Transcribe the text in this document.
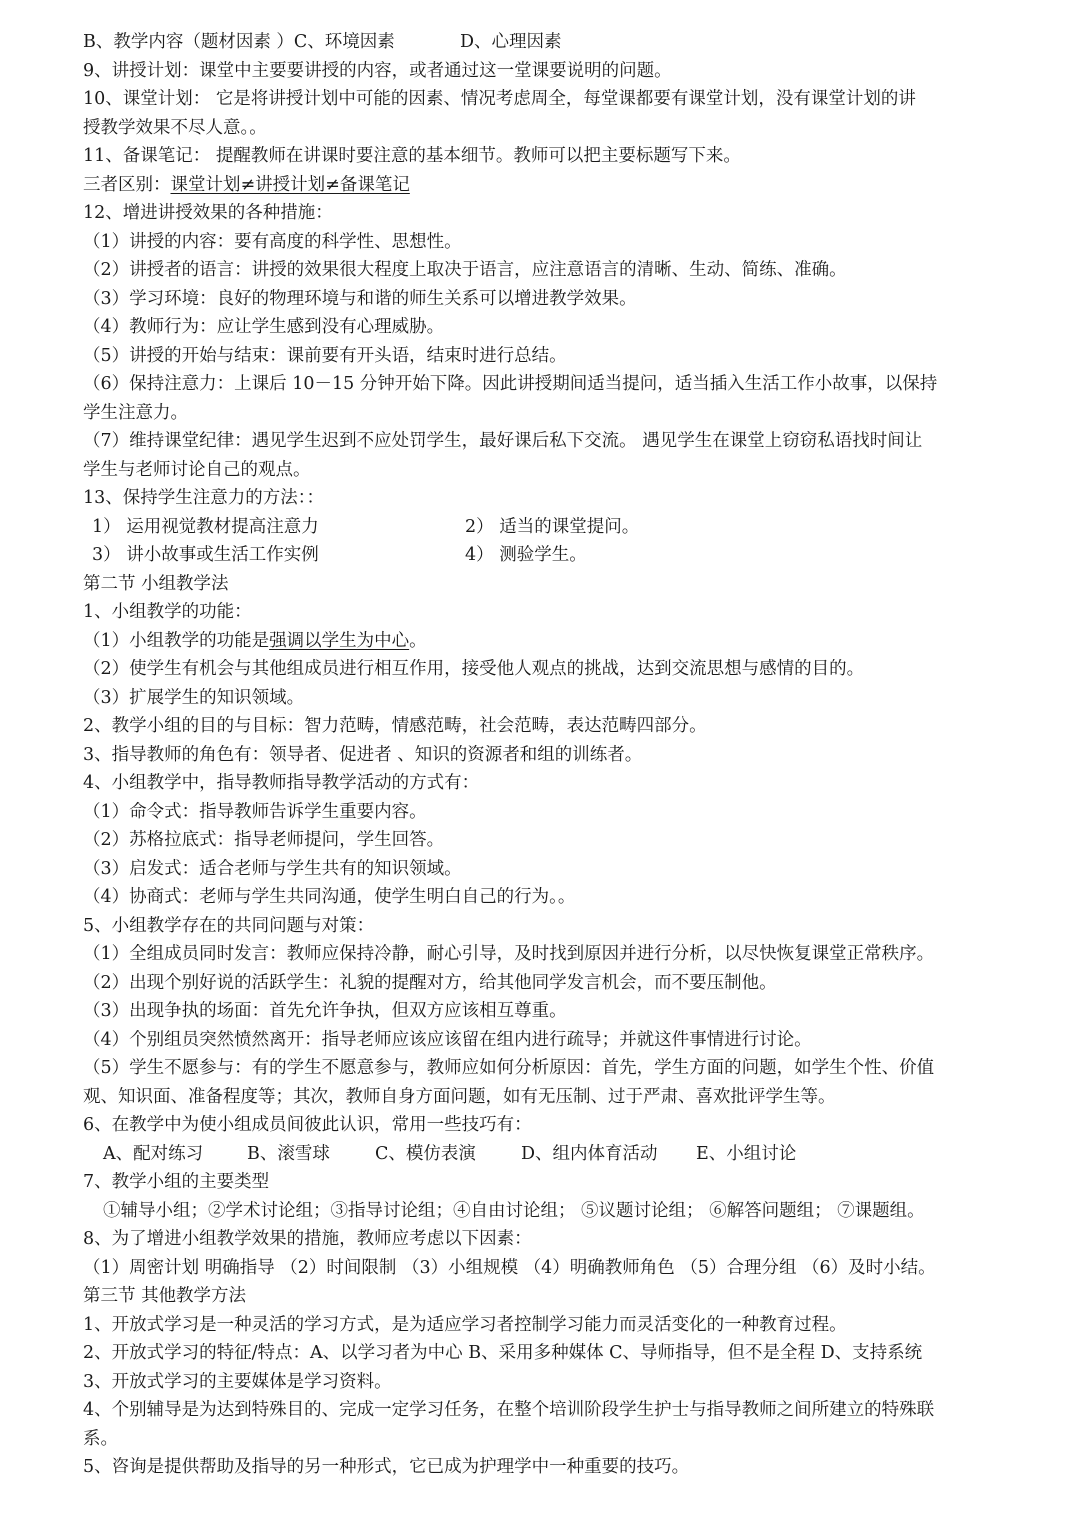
B、教学内容（题材因素 ）C、环境因素	D、心理因素
9、讲授计划：课堂中主要要讲授的内容，或者通过这一堂课要说明的问题。
10、课堂计划： 它是将讲授计划中可能的因素、情况考虑周全，每堂课都要有课堂计划，没有课堂计划的讲
授教学效果不尽人意。。
11、备课笔记： 提醒教师在讲课时要注意的基本细节。教师可以把主要标题写下来。
三者区别：课堂计划≠讲授计划≠备课笔记
12、增进讲授效果的各种措施：
（1）讲授的内容：要有高度的科学性、思想性。
（2）讲授者的语言：讲授的效果很大程度上取决于语言，应注意语言的清晰、生动、简练、准确。
（3）学习环境：良好的物理环境与和谐的师生关系可以增进教学效果。
（4）教师行为：应让学生感到没有心理威胁。
（5）讲授的开始与结束：课前要有开头语，结束时进行总结。
（6）保持注意力：上课后 10－15 分钟开始下降。因此讲授期间适当提问，适当插入生活工作小故事，以保持
学生注意力。
（7）维持课堂纪律：遇见学生迟到不应处罚学生，最好课后私下交流。 遇见学生在课堂上窃窃私语找时间让
学生与老师讨论自己的观点。
13、保持学生注意力的方法：：
1） 运用视觉教材提高注意力	2） 适当的课堂提问。
3） 讲小故事或生活工作实例	4） 测验学生。
第二节 小组教学法
1、小组教学的功能：
（1）小组教学的功能是强调以学生为中心。
（2）使学生有机会与其他组成员进行相互作用，接受他人观点的挑战，达到交流思想与感情的目的。
（3）扩展学生的知识领域。
2、教学小组的目的与目标：智力范畴，情感范畴，社会范畴，表达范畴四部分。
3、指导教师的角色有：领导者、促进者 、知识的资源者和组的训练者。
4、小组教学中，指导教师指导教学活动的方式有：
（1）命令式：指导教师告诉学生重要内容。
（2）苏格拉底式：指导老师提问，学生回答。
（3）启发式：适合老师与学生共有的知识领域。
（4）协商式：老师与学生共同沟通，使学生明白自己的行为。。
5、小组教学存在的共同问题与对策：
（1）全组成员同时发言：教师应保持冷静，耐心引导，及时找到原因并进行分析，以尽快恢复课堂正常秩序。
（2）出现个别好说的活跃学生：礼貌的提醒对方，给其他同学发言机会，而不要压制他。
（3）出现争执的场面：首先允许争执，但双方应该相互尊重。
（4）个别组员突然愤然离开：指导老师应该应该留在组内进行疏导；并就这件事情进行讨论。
（5）学生不愿参与：有的学生不愿意参与，教师应如何分析原因：首先，学生方面的问题，如学生个性、价值
观、知识面、准备程度等；其次，教师自身方面问题，如有无压制、过于严肃、喜欢批评学生等。
6、在教学中为使小组成员间彼此认识，常用一些技巧有：
A、配对练习	B、滚雪球	C、模仿表演	D、组内体育活动 E、小组讨论
7、教学小组的主要类型
①辅导小组；②学术讨论组；③指导讨论组；④自由讨论组； ⑤议题讨论组； ⑥解答问题组； ⑦课题组。
8、为了增进小组教学效果的措施，教师应考虑以下因素：
（1）周密计划 明确指导 （2）时间限制 （3）小组规模 （4）明确教师角色 （5）合理分组 （6）及时小结。
第三节 其他教学方法
1、开放式学习是一种灵活的学习方式，是为适应学习者控制学习能力而灵活变化的一种教育过程。
2、开放式学习的特征/特点：A、以学习者为中心 B、采用多种媒体 C、导师指导，但不是全程 D、支持系统
3、开放式学习的主要媒体是学习资料。
4、个别辅导是为达到特殊目的、完成一定学习任务，在整个培训阶段学生护士与指导教师之间所建立的特殊联
系。
5、咨询是提供帮助及指导的另一种形式，它已成为护理学中一种重要的技巧。
